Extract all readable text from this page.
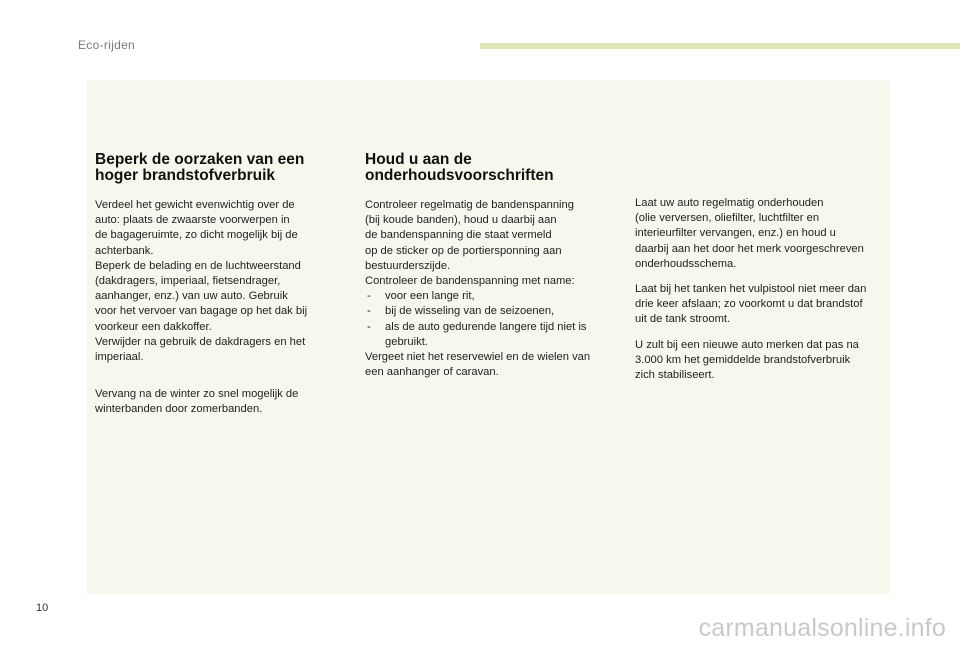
Eco-rijden
Beperk de oorzaken van een
hoger brandstofverbruik

Verdeel het gewicht evenwichtig over de
auto: plaats de zwaarste voorwerpen in
de bagageruimte, zo dicht mogelijk bij de
achterbank.

Beperk de belading en de luchtweerstand
(dakdragers, imperiaal, fietsendrager,
aanhanger, enz.) van uw auto. Gebruik
voor het vervoer van bagage op het dak bij
voorkeur een dakkoffer.

Verwijder na gebruik de dakdragers en het
imperiaal.

Vervang na de winter zo snel mogelijk de
winterbanden door zomerbanden.

Houd u aan de
onderhoudsvoorschriften

Controleer regelmatig de bandenspanning
(bij koude banden), houd u daarbij aan
de bandenspanning die staat vermeld
op de sticker op de portiersponning aan
bestuurderszijde.

Controleer de bandenspanning met name:

- voor een lange rit,
- bij de wisseling van de seizoenen,
- als de auto gedurende langere tijd niet is gebruikt.

Vergeet niet het reservewiel en de wielen van
een aanhanger of caravan.

Laat uw auto regelmatig onderhouden
(olie verversen, oliefilter, luchtfilter en
interieurfilter vervangen, enz.) en houd u
daarbij aan het door het merk voorgeschreven
onderhoudsschema.

Laat bij het tanken het vulpistool niet meer dan
drie keer afslaan; zo voorkomt u dat brandstof
uit de tank stroomt.

U zult bij een nieuwe auto merken dat pas na
3.000 km het gemiddelde brandstofverbruik
zich stabiliseert.

10
carmanualsonline.info
